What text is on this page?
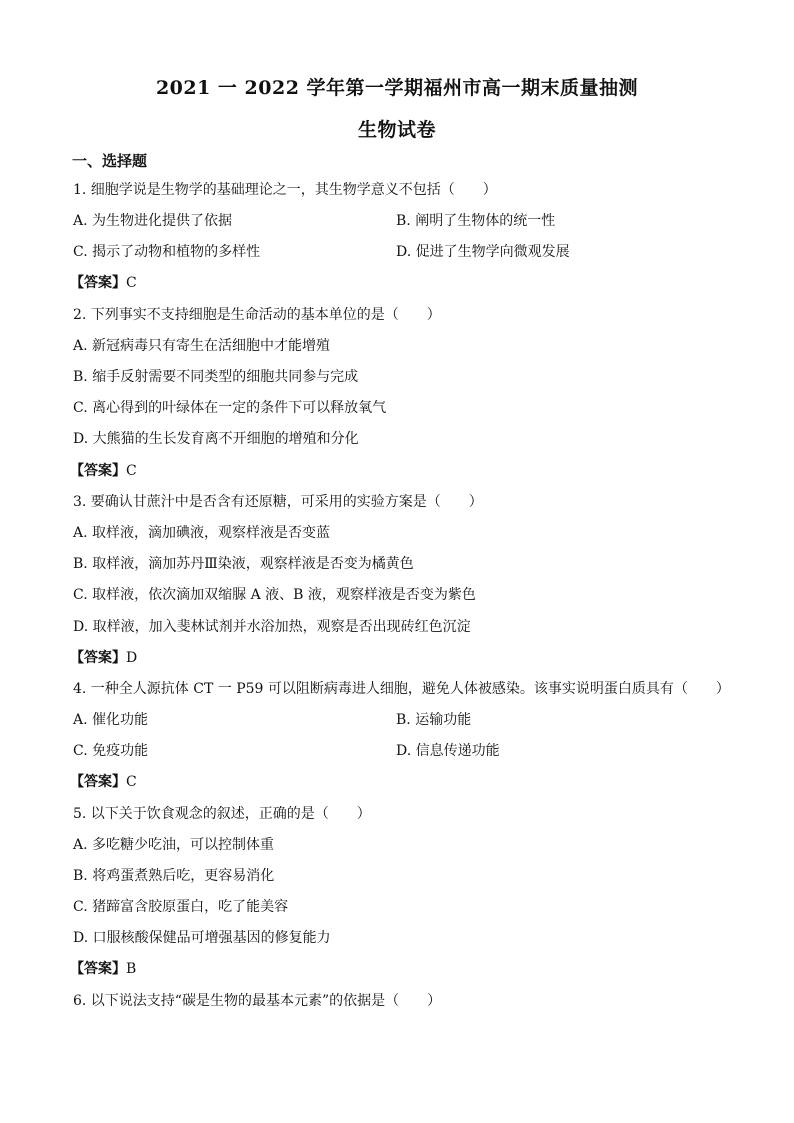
2021 一 2022 学年第一学期福州市高一期末质量抽测
生物试卷
一、选择题
1. 细胞学说是生物学的基础理论之一，其生物学意义不包括（　　）
A. 为生物进化提供了依据	B. 阐明了生物体的统一性
C. 揭示了动物和植物的多样性	D. 促进了生物学向微观发展
【答案】C
2. 下列事实不支持细胞是生命活动的基本单位的是（　　）
A. 新冠病毒只有寄生在活细胞中才能增殖
B. 缩手反射需要不同类型的细胞共同参与完成
C. 离心得到的叶绿体在一定的条件下可以释放氧气
D. 大熊猫的生长发育离不开细胞的增殖和分化
【答案】C
3. 要确认甘蔗汁中是否含有还原糖，可采用的实验方案是（　　）
A. 取样液，滴加碘液，观察样液是否变蓝
B. 取样液，滴加苏丹Ⅲ染液，观察样液是否变为橘黄色
C. 取样液，依次滴加双缩脲 A 液、B 液，观察样液是否变为紫色
D. 取样液，加入斐林试剂并水浴加热，观察是否出现砖红色沉淀
【答案】D
4. 一种全人源抗体 CT 一 P59 可以阻断病毒进人细胞，避免人体被感染。该事实说明蛋白质具有（　　）
A. 催化功能	B. 运输功能
C. 免疫功能	D. 信息传递功能
【答案】C
5. 以下关于饮食观念的叙述，正确的是（　　）
A. 多吃糖少吃油，可以控制体重
B. 将鸡蛋煮熟后吃，更容易消化
C. 猪蹄富含胶原蛋白，吃了能美容
D. 口服核酸保健品可增强基因的修复能力
【答案】B
6. 以下说法支持“碳是生物的最基本元素”的依据是（　　）
